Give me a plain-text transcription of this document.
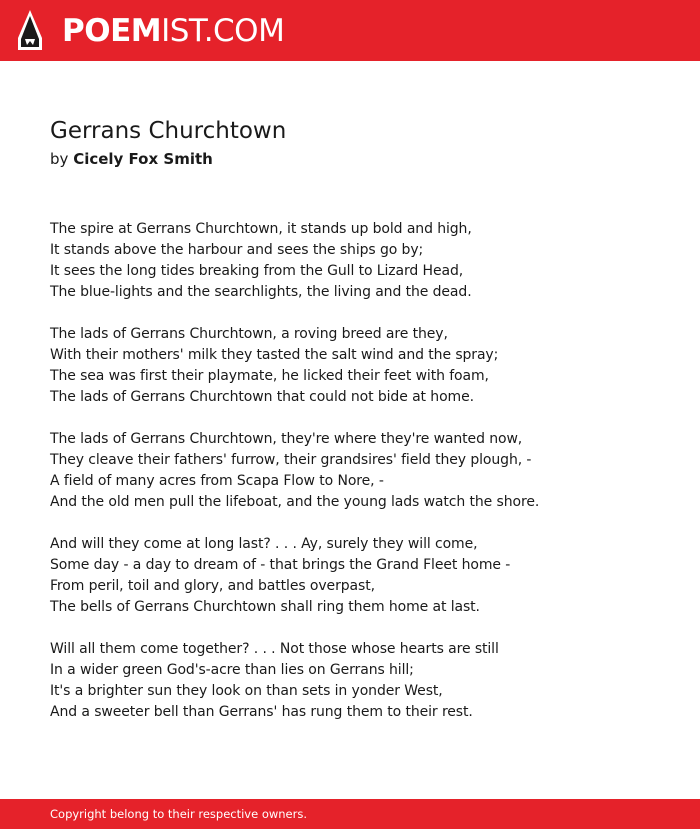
POEMIST.COM
Gerrans Churchtown
by Cicely Fox Smith
The spire at Gerrans Churchtown, it stands up bold and high,
It stands above the harbour and sees the ships go by;
It sees the long tides breaking from the Gull to Lizard Head,
The blue-lights and the searchlights, the living and the dead.
The lads of Gerrans Churchtown, a roving breed are they,
With their mothers' milk they tasted the salt wind and the spray;
The sea was first their playmate, he licked their feet with foam,
The lads of Gerrans Churchtown that could not bide at home.
The lads of Gerrans Churchtown, they're where they're wanted now,
They cleave their fathers' furrow, their grandsires' field they plough, -
A field of many acres from Scapa Flow to Nore, -
And the old men pull the lifeboat, and the young lads watch the shore.
And will they come at long last? . . . Ay, surely they will come,
Some day - a day to dream of - that brings the Grand Fleet home -
From peril, toil and glory, and battles overpast,
The bells of Gerrans Churchtown shall ring them home at last.
Will all them come together? . . . Not those whose hearts are still
In a wider green God's-acre than lies on Gerrans hill;
It's a brighter sun they look on than sets in yonder West,
And a sweeter bell than Gerrans' has rung them to their rest.
Copyright belong to their respective owners.
